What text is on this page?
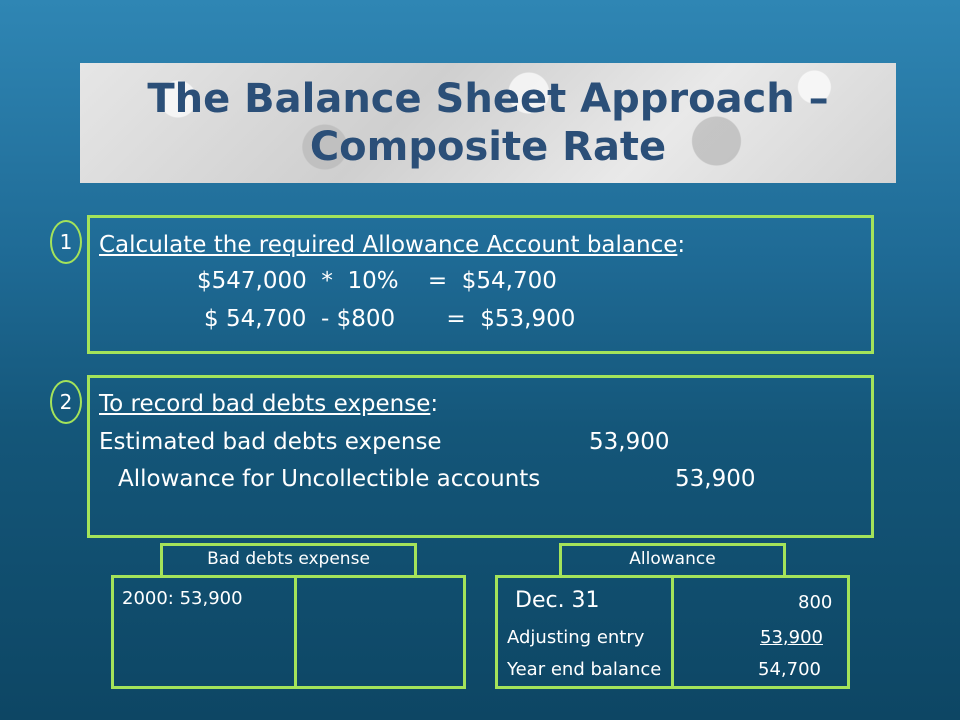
The Balance Sheet Approach –
Composite Rate
1 Calculate the required Allowance Account balance:
$547,000  *  10%    =  $54,700
$ 54,700  - $800       =  $53,900
2 To record bad debts expense:
Estimated bad debts expense	53,900
Allowance for Uncollectible accounts	53,900
Bad debts expense
2000: 53,900
Allowance
Dec. 31	800
Adjusting entry	53,900
Year end balance	54,700
